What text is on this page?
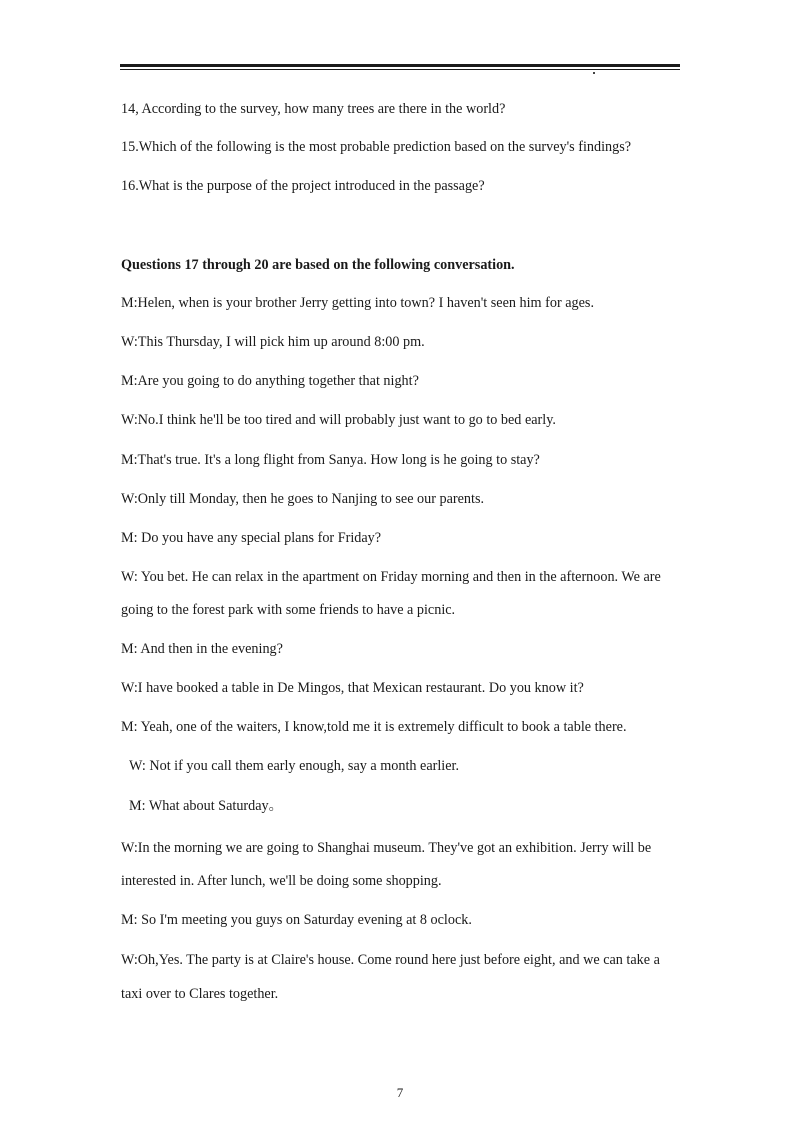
14, According to the survey, how many trees are there in the world?
15.Which of the following is the most probable prediction based on the survey's findings?
16.What is the purpose of the project introduced in the passage?
Questions 17 through 20 are based on the following conversation.
M:Helen, when is your brother Jerry getting into town? I haven't seen him for ages.
W:This Thursday, I will pick him up around 8:00 pm.
M:Are you going to do anything together that night?
W:No.I think he'll be too tired and will probably just want to go to bed early.
M:That's true. It's a long flight from Sanya. How long is he going to stay?
W:Only till Monday, then he goes to Nanjing to see our parents.
M: Do you have any special plans for Friday?
W: You bet. He can relax in the apartment on Friday morning and then in the afternoon. We are
going to the forest park with some friends to have a picnic.
M: And then in the evening?
W:I have booked a table in De Mingos, that Mexican restaurant. Do you know it?
M: Yeah, one of the waiters, I know,told me it is extremely difficult to book a table there.
W: Not if you call them early enough, say a month earlier.
M: What about Saturday。
W:In the morning we are going to Shanghai museum. They've got an exhibition. Jerry will be
interested in. After lunch, we'll be doing some shopping.
M: So I'm meeting you guys on Saturday evening at 8 oclock.
W:Oh,Yes. The party is at Claire's house. Come round here just before eight, and we can take a
taxi over to Clares together.
7
